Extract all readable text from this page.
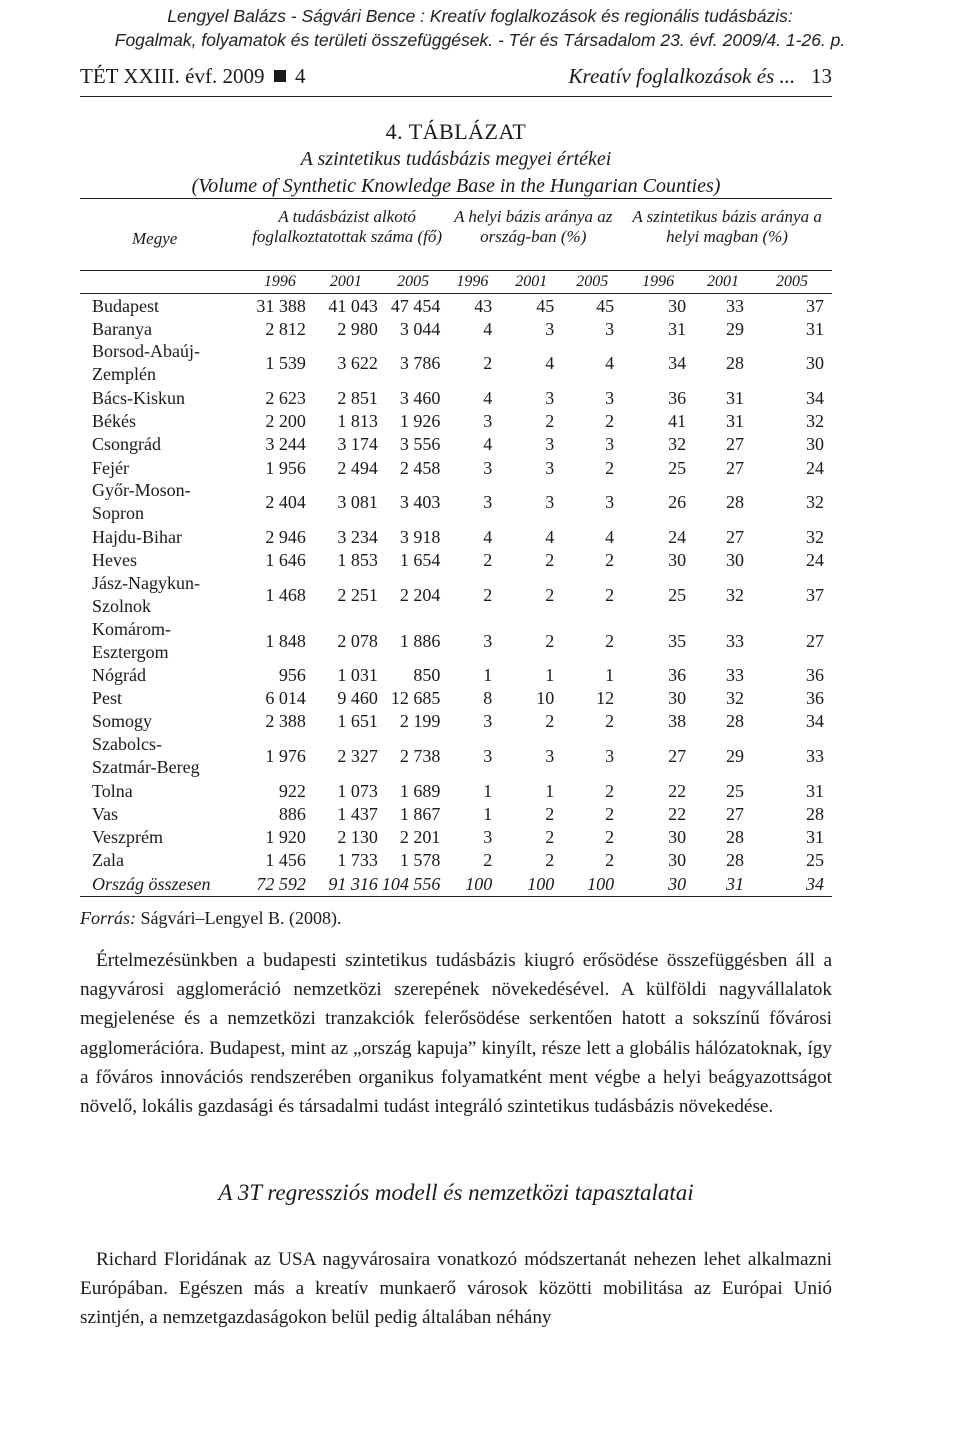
Lengyel Balázs - Ságvári Bence : Kreatív foglalkozások és regionális tudásbázis:
Fogalmak, folyamatok és területi összefüggések. - Tér és Társadalom 23. évf. 2009/4. 1-26. p.
TÉT XXIII. évf. 2009 4	Kreatív foglalkozások és ... 13
4. TÁBLÁZAT
A szintetikus tudásbázis megyei értékei
(Volume of Synthetic Knowledge Base in the Hungarian Counties)
Megye	A tudásbázist alkotó foglalkoztatottak száma (fő)			A helyi bázis aránya az ország-ban (%)			A szintetikus bázis aránya a helyi magban (%)		
	1996	2001	2005	1996	2001	2005	1996	2001	2005
Budapest	31 388	41 043	47 454	43	45	45	30	33	37
Baranya	2 812	2 980	3 044	4	3	3	31	29	31
Borsod-Abaúj-Zemplén	1 539	3 622	3 786	2	4	4	34	28	30
Bács-Kiskun	2 623	2 851	3 460	4	3	3	36	31	34
Békés	2 200	1 813	1 926	3	2	2	41	31	32
Csongrád	3 244	3 174	3 556	4	3	3	32	27	30
Fejér	1 956	2 494	2 458	3	3	2	25	27	24
Győr-Moson-Sopron	2 404	3 081	3 403	3	3	3	26	28	32
Hajdu-Bihar	2 946	3 234	3 918	4	4	4	24	27	32
Heves	1 646	1 853	1 654	2	2	2	30	30	24
Jász-Nagykun-Szolnok	1 468	2 251	2 204	2	2	2	25	32	37
Komárom-Esztergom	1 848	2 078	1 886	3	2	2	35	33	27
Nógrád	956	1 031	850	1	1	1	36	33	36
Pest	6 014	9 460	12 685	8	10	12	30	32	36
Somogy	2 388	1 651	2 199	3	2	2	38	28	34
Szabolcs-Szatmár-Bereg	1 976	2 327	2 738	3	3	3	27	29	33
Tolna	922	1 073	1 689	1	1	2	22	25	31
Vas	886	1 437	1 867	1	2	2	22	27	28
Veszprém	1 920	2 130	2 201	3	2	2	30	28	31
Zala	1 456	1 733	1 578	2	2	2	30	28	25
Ország összesen	72 592	91 316	104 556	100	100	100	30	31	34
Forrás: Ságvári–Lengyel B. (2008).

Értelmezésünkben a budapesti szintetikus tudásbázis kiugró erősödése összefüggésben áll a nagyvárosi agglomeráció nemzetközi szerepének növekedésével. A külföldi nagyvállalatok megjelenése és a nemzetközi tranzakciók felerősödése serkentően hatott a sokszínű fővárosi agglomerációra. Budapest, mint az „ország kapuja” kinyílt, része lett a globális hálózatoknak, így a főváros innovációs rendszerében organikus folyamatként ment végbe a helyi beágyazottságot növelő, lokális gazdasági és társadalmi tudást integráló szintetikus tudásbázis növekedése.

A 3T regressziós modell és nemzetközi tapasztalatai

Richard Floridának az USA nagyvárosaira vonatkozó módszertanát nehezen lehet alkalmazni Európában. Egészen más a kreatív munkaerő városok közötti mobilitása az Európai Unió szintjén, a nemzetgazdaságokon belül pedig általában néhány
